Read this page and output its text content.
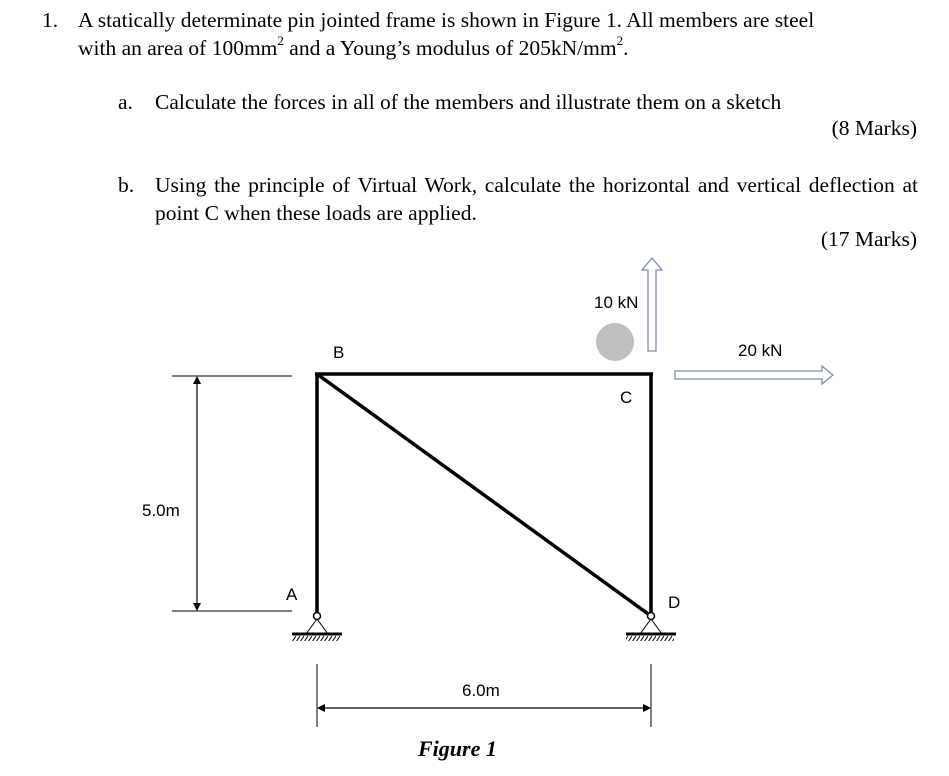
1. A statically determinate pin jointed frame is shown in Figure 1. All members are steel
with an area of $100mm^2$ and a Young’s modulus of $205kN/mm^2$.
a. Calculate the forces in all of the members and illustrate them on a sketch
(8 Marks)
b. Using the principle of Virtual Work, calculate the horizontal and vertical deflection at point C when these loads are applied.
(17 Marks)
5.0m
6.0m
A
B
C
D
10 kN
20 kN
Figure 1
